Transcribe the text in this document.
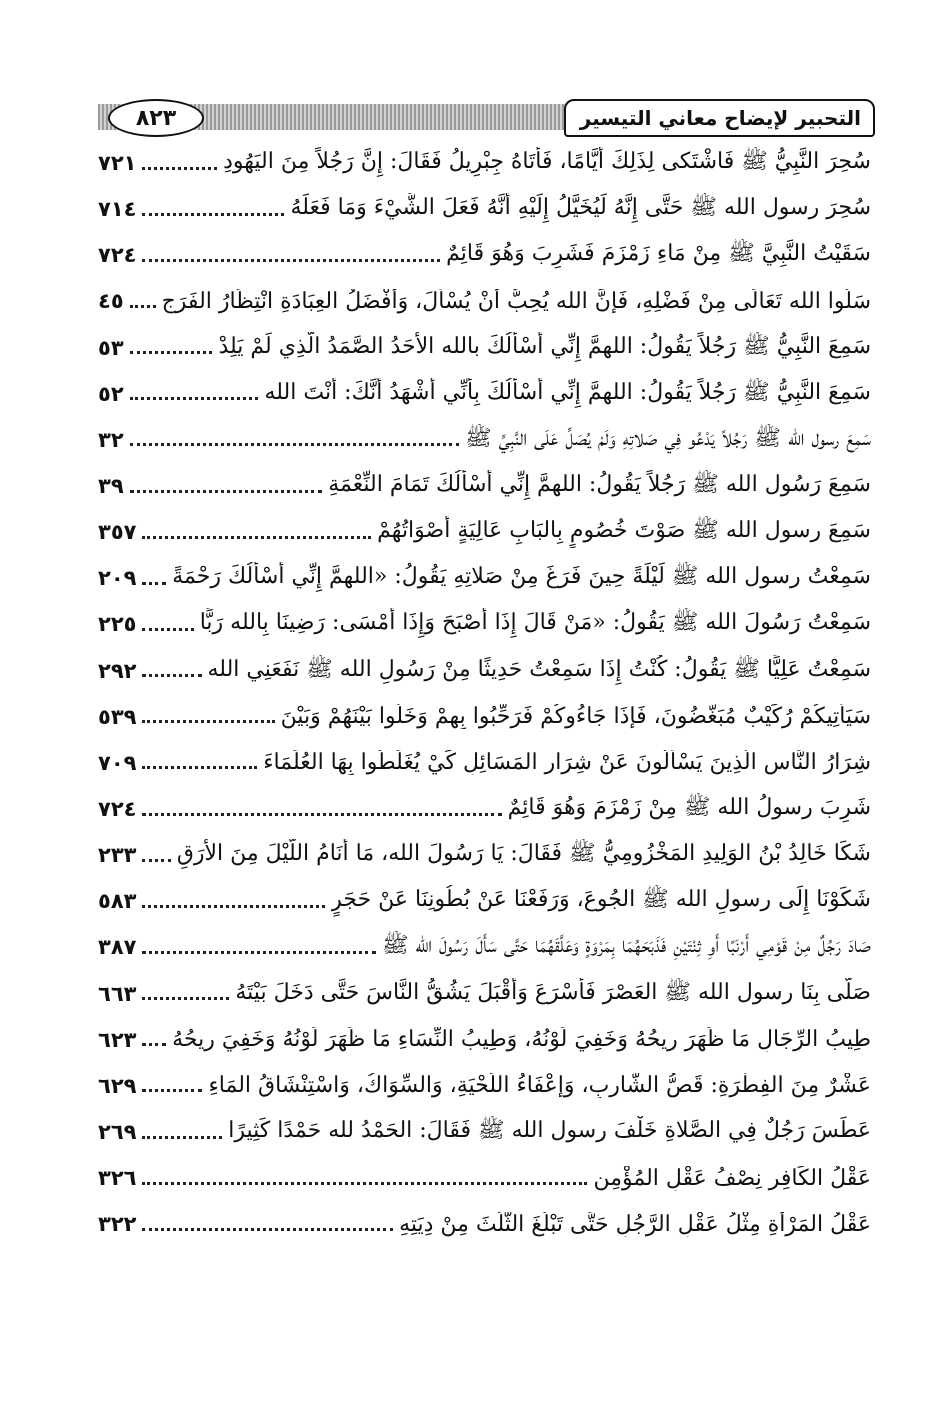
٨٢٣	التحبير لإيضاح معاني التيسير
سُحِرَ النَّبِيُّ ﷺ فَاشْتَكى لِذَلِكَ أَيَّامًا، فَأَتَاهُ جِبْرِيلُ فَقَالَ: إِنَّ رَجُلاً مِنَ اليَهُودِ
٧٢١
سُحِرَ رسول الله ﷺ حَتَّى إِنَّهُ لَيُخَيَّلُ إِلَيْهِ أَنَّهُ فَعَلَ الشَّيْءَ وَمَا فَعَلَهُ
٧١٤
سَقَيْتُ النَّبِيَّ ﷺ مِنْ مَاءِ زَمْزَمَ فَشَرِبَ وَهُوَ قَائِمٌ
٧٢٤
سَلُوا الله تَعَالَى مِنْ فَضْلِهِ، فَإِنَّ الله يُحِبُّ أَنْ يُسْأَلَ، وَأَفْضَلُ العِبَادَةِ انْتِظَارُ الفَرَجِ
٤٥
سَمِعَ النَّبِيُّ ﷺ رَجُلاً يَقُولُ: اللهمَّ إِنِّي أَسْأَلُكَ بالله الأَحَدُ الصَّمَدُ الَّذِي لَمْ يَلِدْ
٥٣
سَمِعَ النَّبِيُّ ﷺ رَجُلاً يَقُولُ: اللهمَّ إِنِّي أَسْأَلُكَ بِأَنِّي أَشْهَدُ أَنَّكَ: أَنْتَ الله
٥٢
سَمِعَ رسول الله ﷺ رَجُلاً يَدْعُو فِي صَلاتِهِ وَلَمْ يُصَلِّ عَلَى النَّبِيِّ ﷺ
٣٢
سَمِعَ رَسُول الله ﷺ رَجُلاً يَقُولُ: اللهمَّ إِنِّي أَسْأَلُكَ تَمَامَ النِّعْمَةِ
٣٩
سَمِعَ رسول الله ﷺ صَوْتَ خُصُومٍ بِالبَابِ عَالِيَةٍ أَصْوَاتُهُمْ
٣٥٧
سَمِعْتُ رسول الله ﷺ لَيْلَةً حِينَ فَرَغَ مِنْ صَلاتِهِ يَقُولُ: «اللهمَّ إِنِّي أَسْأَلُكَ رَحْمَةً
٢٠٩
سَمِعْتُ رَسُولَ الله ﷺ يَقُولُ: «مَنْ قَالَ إِذَا أَصْبَحَ وَإِذَا أَمْسَى: رَضِينَا بِالله رَبًّا
٢٢٥
سَمِعْتُ عَلِيًّا ﷺ يَقُولُ: كُنْتُ إِذَا سَمِعْتُ حَدِيثًا مِنْ رَسُولِ الله ﷺ نَفَعَنِي الله
٢٩٢
سَيَأْتِيكُمْ رُكَيْبٌ مُبَغَّضُونَ، فَإِذَا جَاءُوكُمْ فَرَحِّبُوا بِهِمْ وَخَلُّوا بَيْنَهُمْ وَبَيْنَ
٥٣٩
شِرَارُ النَّاسِ الَّذِينَ يَسْأَلُونَ عَنْ شِرَارِ المَسَائِلِ كَيْ يُغَلِّطُوا بِهَا العُلَمَاءَ
٧٠٩
شَرِبَ رسولُ الله ﷺ مِنْ زَمْزَمَ وَهُوَ قَائِمٌ
٧٢٤
شَكَا خَالِدُ بْنُ الوَلِيدِ المَخْزُومِيُّ ﷺ فَقَالَ: يَا رَسُولَ الله، مَا أَنَامُ اللَّيْلَ مِنَ الأَرَقِ
٢٣٣
شَكَوْنَا إِلَى رسولِ الله ﷺ الجُوعَ، وَرَفَعْنَا عَنْ بُطُونِنَا عَنْ حَجَرٍ
٥٨٣
صَادَ رَجُلٌ مِنْ قَوْمِي أَرْنَبًا أَوِ ثِنْتَيْنِ فَذَبَحَهُمَا بِمَرْوَةٍ وَعَلَّقَهُمَا حَتَّى سَأَلَ رَسُولَ الله ﷺ
٣٨٧
صَلَّى بِنَا رسول الله ﷺ العَصْرَ فَأَسْرَعَ وَأَقْبَلَ يَشُقُّ النَّاسَ حَتَّى دَخَلَ بَيْتَهُ
٦٦٣
طِيبُ الرِّجَالِ مَا ظَهَرَ رِيحُهُ وَخَفِيَ لَوْنُهُ، وَطِيبُ النِّسَاءِ مَا ظَهَرَ لَوْنُهُ وَخَفِيَ رِيحُهُ
٦٢٣
عَشْرٌ مِنَ الفِطْرَةِ: قَصُّ الشَّارِبِ، وَإِعْفَاءُ اللِّحْيَةِ، وَالسِّوَاكُ، وَاسْتِنْشَاقُ المَاءِ
٦٢٩
عَطَسَ رَجُلٌ فِي الصَّلاةِ خَلْفَ رسول الله ﷺ فَقَالَ: الحَمْدُ لله حَمْدًا كَثِيرًا
٢٦٩
عَقْلُ الكَافِرِ نِصْفُ عَقْلِ المُؤْمِنِ
٣٢٦
عَقْلُ المَرْأَةِ مِثْلُ عَقْلِ الرَّجُلِ حَتَّى تَبْلُغَ الثُّلُثَ مِنْ دِيَتِهِ
٣٢٢
